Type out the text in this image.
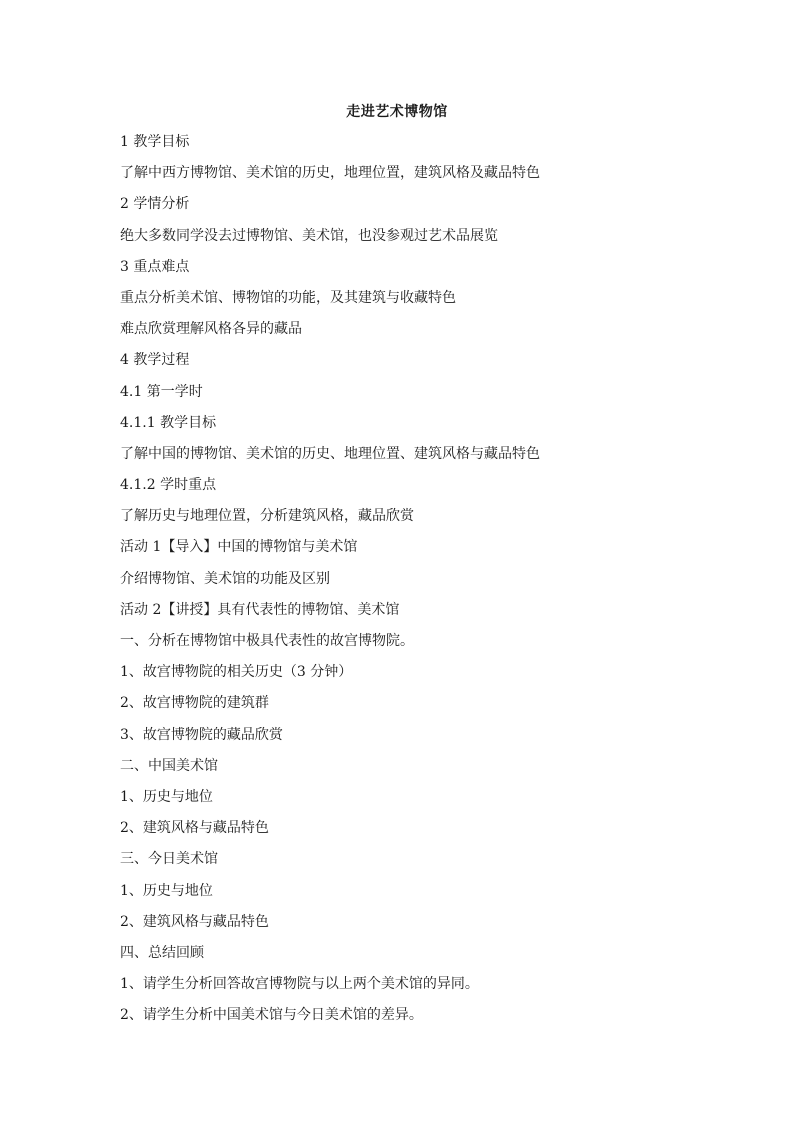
走进艺术博物馆
1 教学目标
了解中西方博物馆、美术馆的历史，地理位置，建筑风格及藏品特色
2 学情分析
绝大多数同学没去过博物馆、美术馆，也没参观过艺术品展览
3 重点难点
重点分析美术馆、博物馆的功能，及其建筑与收藏特色
难点欣赏理解风格各异的藏品
4 教学过程
4.1 第一学时
4.1.1 教学目标
了解中国的博物馆、美术馆的历史、地理位置、建筑风格与藏品特色
4.1.2 学时重点
了解历史与地理位置，分析建筑风格，藏品欣赏
活动 1【导入】中国的博物馆与美术馆
介绍博物馆、美术馆的功能及区别
活动 2【讲授】具有代表性的博物馆、美术馆
一、分析在博物馆中极具代表性的故宫博物院。
1、故宫博物院的相关历史（3 分钟）
2、故宫博物院的建筑群
3、故宫博物院的藏品欣赏
二、中国美术馆
1、历史与地位
2、建筑风格与藏品特色
三、今日美术馆
1、历史与地位
2、建筑风格与藏品特色
四、总结回顾
1、请学生分析回答故宫博物院与以上两个美术馆的异同。
2、请学生分析中国美术馆与今日美术馆的差异。
